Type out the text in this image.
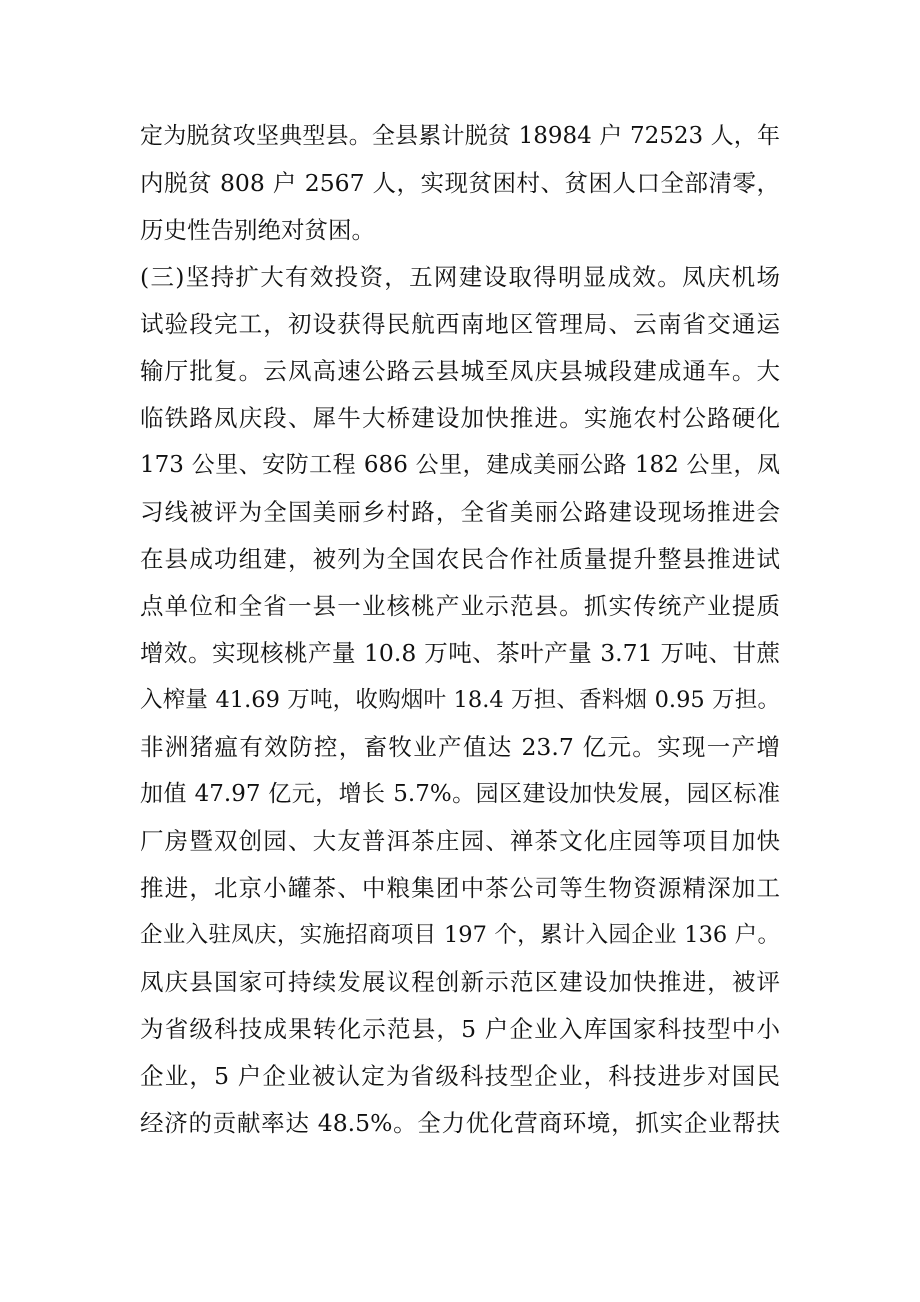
定为脱贫攻坚典型县。全县累计脱贫 18984 户 72523 人，年
内脱贫 808 户 2567 人，实现贫困村、贫困人口全部清零，
历史性告别绝对贫困。
(三)坚持扩大有效投资，五网建设取得明显成效。凤庆机场
试验段完工，初设获得民航西南地区管理局、云南省交通运
输厅批复。云凤高速公路云县城至凤庆县城段建成通车。大
临铁路凤庆段、犀牛大桥建设加快推进。实施农村公路硬化
173 公里、安防工程 686 公里，建成美丽公路 182 公里，凤
习线被评为全国美丽乡村路，全省美丽公路建设现场推进会
在县成功组建，被列为全国农民合作社质量提升整县推进试
点单位和全省一县一业核桃产业示范县。抓实传统产业提质
增效。实现核桃产量 10.8 万吨、茶叶产量 3.71 万吨、甘蔗
入榨量 41.69 万吨，收购烟叶 18.4 万担、香料烟 0.95 万担。
非洲猪瘟有效防控，畜牧业产值达 23.7 亿元。实现一产增
加值 47.97 亿元，增长 5.7%。园区建设加快发展，园区标准
厂房暨双创园、大友普洱茶庄园、禅茶文化庄园等项目加快
推进，北京小罐茶、中粮集团中茶公司等生物资源精深加工
企业入驻凤庆，实施招商项目 197 个，累计入园企业 136 户。
凤庆县国家可持续发展议程创新示范区建设加快推进，被评
为省级科技成果转化示范县，5 户企业入库国家科技型中小
企业，5 户企业被认定为省级科技型企业，科技进步对国民
经济的贡献率达 48.5%。全力优化营商环境，抓实企业帮扶
